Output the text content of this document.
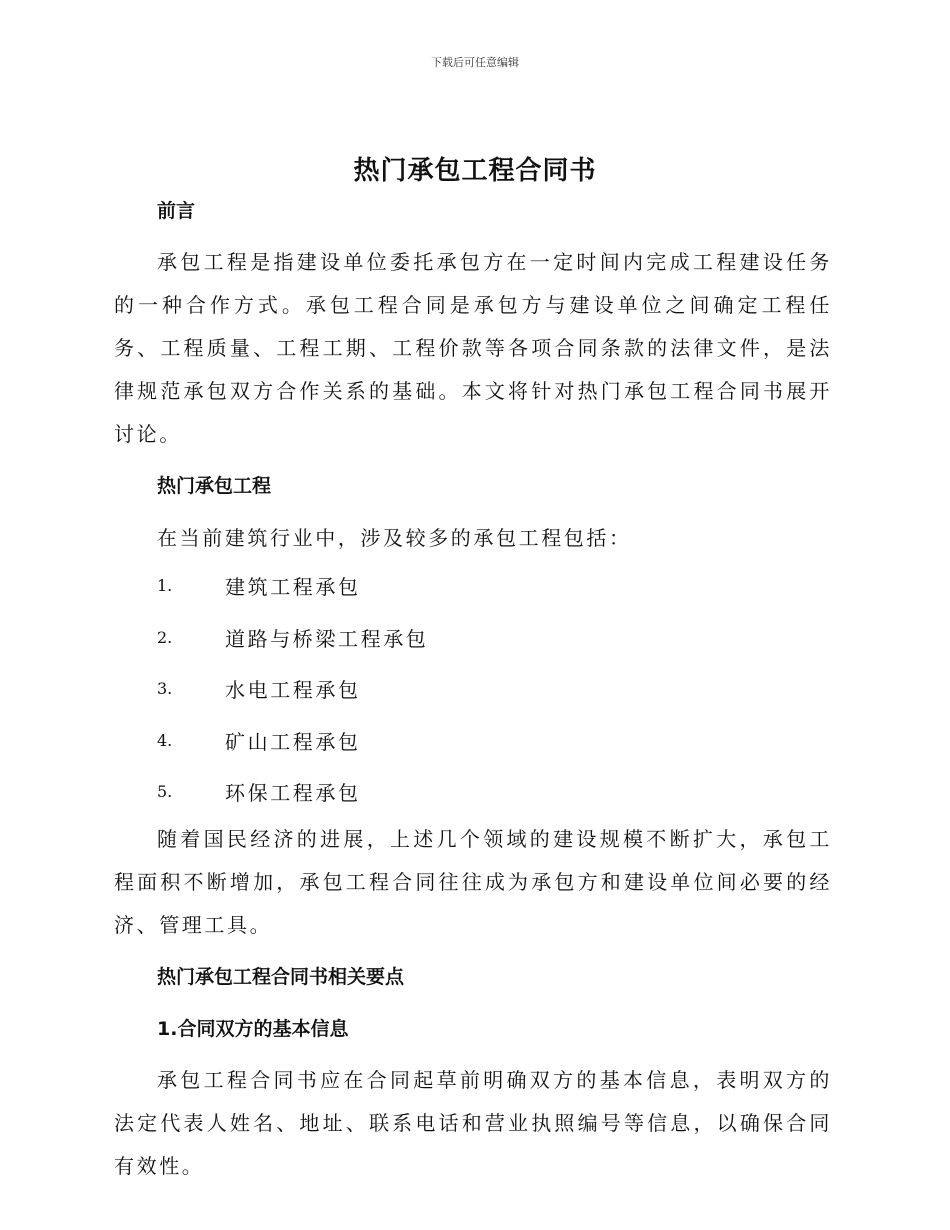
下载后可任意编辑
热门承包工程合同书
前言

承包工程是指建设单位委托承包方在一定时间内完成工程建设任务的一种合作方式。承包工程合同是承包方与建设单位之间确定工程任务、工程质量、工程工期、工程价款等各项合同条款的法律文件，是法律规范承包双方合作关系的基础。本文将针对热门承包工程合同书展开讨论。

热门承包工程

在当前建筑行业中，涉及较多的承包工程包括：

1.	建筑工程承包
2.	道路与桥梁工程承包
3.	水电工程承包
4.	矿山工程承包
5.	环保工程承包

随着国民经济的进展，上述几个领域的建设规模不断扩大，承包工程面积不断增加，承包工程合同往往成为承包方和建设单位间必要的经济、管理工具。

热门承包工程合同书相关要点
1.合同双方的基本信息

承包工程合同书应在合同起草前明确双方的基本信息，表明双方的法定代表人姓名、地址、联系电话和营业执照编号等信息，以确保合同有效性。
